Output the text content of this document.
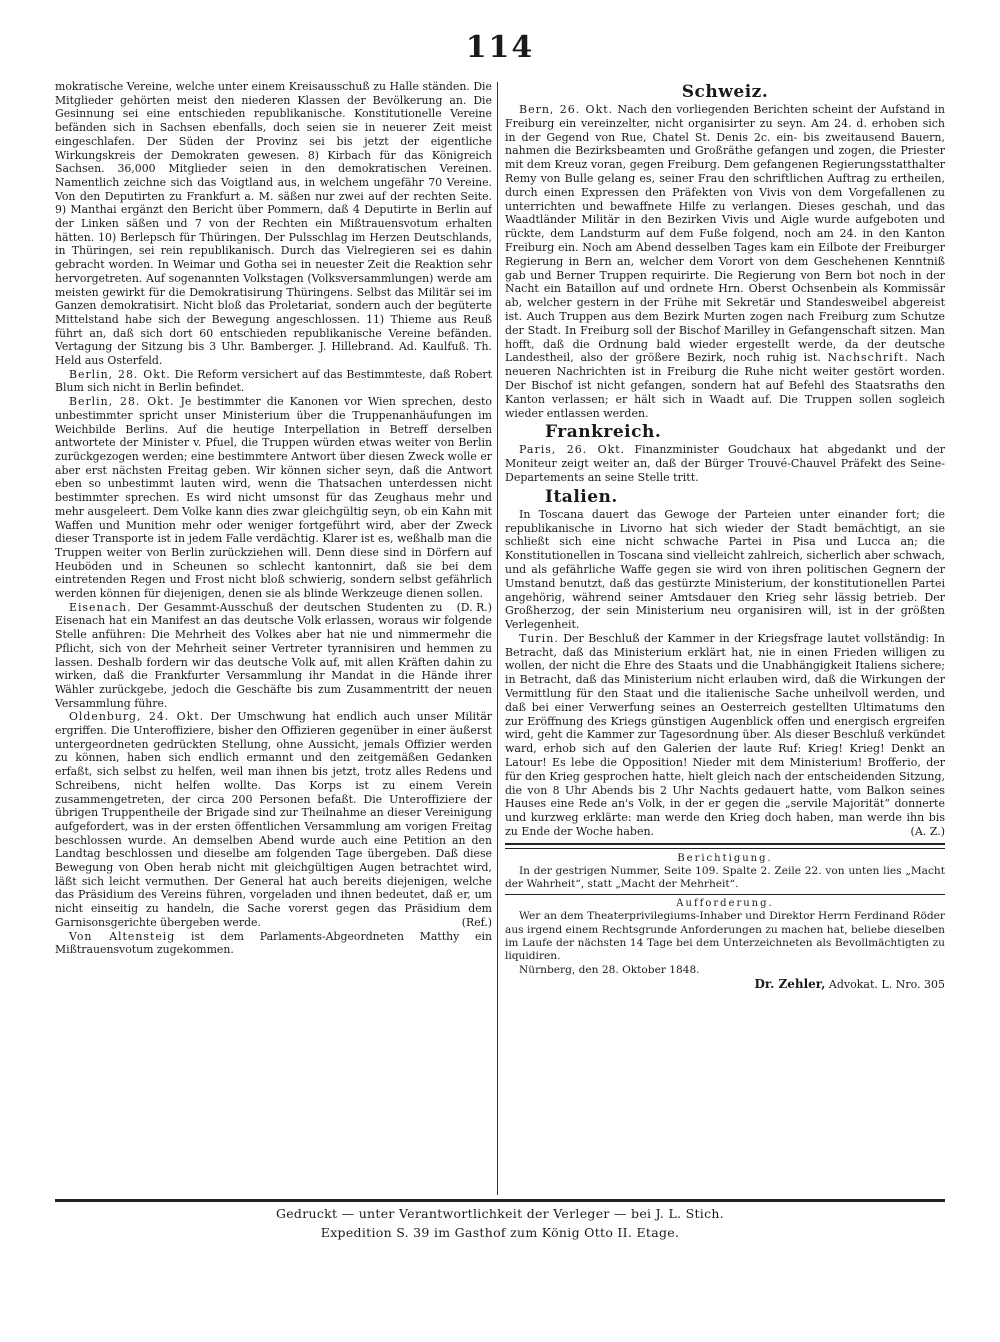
114

mokratische Vereine, welche unter einem Kreisausschuß zu Halle ständen. Die Mitglieder gehörten meist den niederen Klassen der Bevölkerung an. Die Gesinnung sei eine entschieden republikanische. Konstitutionelle Vereine befänden sich in Sachsen ebenfalls, doch seien sie in neuerer Zeit meist eingeschlafen. Der Süden der Provinz sei bis jetzt der eigentliche Wirkungskreis der Demokraten gewesen. 8) Kirbach für das Königreich Sachsen. 36,000 Mitglieder seien in den demokratischen Vereinen. Namentlich zeichne sich das Voigtland aus, in welchem ungefähr 70 Vereine. Von den Deputirten zu Frankfurt a. M. säßen nur zwei auf der rechten Seite. 9) Manthai ergänzt den Bericht über Pommern, daß 4 Deputirte in Berlin auf der Linken säßen und 7 von der Rechten ein Mißtrauensvotum erhalten hätten. 10) Berlepsch für Thüringen. Der Pulsschlag im Herzen Deutschlands, in Thüringen, sei rein republikanisch. Durch das Vielregieren sei es dahin gebracht worden. In Weimar und Gotha sei in neuester Zeit die Reaktion sehr hervorgetreten. Auf sogenannten Volkstagen (Volksversammlungen) werde am meisten gewirkt für die Demokratisirung Thüringens. Selbst das Militär sei im Ganzen demokratisirt. Nicht bloß das Proletariat, sondern auch der begüterte Mittelstand habe sich der Bewegung angeschlossen. 11) Thieme aus Reuß führt an, daß sich dort 60 entschieden republikanische Vereine befänden. Vertagung der Sitzung bis 3 Uhr. Bamberger. J. Hillebrand. Ad. Kaulfuß. Th. Held aus Osterfeld.

Berlin, 28. Okt. Die Reform versichert auf das Bestimmteste, daß Robert Blum sich nicht in Berlin befindet.

Berlin, 28. Okt. Je bestimmter die Kanonen vor Wien sprechen, desto unbestimmter spricht unser Ministerium über die Truppenanhäufungen im Weichbilde Berlins. Auf die heutige Interpellation in Betreff derselben antwortete der Minister v. Pfuel, die Truppen würden etwas weiter von Berlin zurückgezogen werden; eine bestimmtere Antwort über diesen Zweck wolle er aber erst nächsten Freitag geben. Wir können sicher seyn, daß die Antwort eben so unbestimmt lauten wird, wenn die Thatsachen unterdessen nicht bestimmter sprechen. Es wird nicht umsonst für das Zeughaus mehr und mehr ausgeleert. Dem Volke kann dies zwar gleichgültig seyn, ob ein Kahn mit Waffen und Munition mehr oder weniger fortgeführt wird, aber der Zweck dieser Transporte ist in jedem Falle verdächtig. Klarer ist es, weßhalb man die Truppen weiter von Berlin zurückziehen will. Denn diese sind in Dörfern auf Heuböden und in Scheunen so schlecht kantonnirt, daß sie bei dem eintretenden Regen und Frost nicht bloß schwierig, sondern selbst gefährlich werden können für diejenigen, denen sie als blinde Werkzeuge dienen sollen.
(D. R.)

Eisenach. Der Gesammt-Ausschuß der deutschen Studenten zu Eisenach hat ein Manifest an das deutsche Volk erlassen, woraus wir folgende Stelle anführen: Die Mehrheit des Volkes aber hat nie und nimmermehr die Pflicht, sich von der Mehrheit seiner Vertreter tyrannisiren und hemmen zu lassen. Deshalb fordern wir das deutsche Volk auf, mit allen Kräften dahin zu wirken, daß die Frankfurter Versammlung ihr Mandat in die Hände ihrer Wähler zurückgebe, jedoch die Geschäfte bis zum Zusammentritt der neuen Versammlung führe.

Oldenburg, 24. Okt. Der Umschwung hat endlich auch unser Militär ergriffen. Die Unteroffiziere, bisher den Offizieren gegenüber in einer äußerst untergeordneten gedrückten Stellung, ohne Aussicht, jemals Offizier werden zu können, haben sich endlich ermannt und den zeitgemäßen Gedanken erfaßt, sich selbst zu helfen, weil man ihnen bis jetzt, trotz alles Redens und Schreibens, nicht helfen wollte. Das Korps ist zu einem Verein zusammengetreten, der circa 200 Personen befaßt. Die Unteroffiziere der übrigen Truppentheile der Brigade sind zur Theilnahme an dieser Vereinigung aufgefordert, was in der ersten öffentlichen Versammlung am vorigen Freitag beschlossen wurde. An demselben Abend wurde auch eine Petition an den Landtag beschlossen und dieselbe am folgenden Tage übergeben. Daß diese Bewegung von Oben herab nicht mit gleichgültigen Augen betrachtet wird, läßt sich leicht vermuthen. Der General hat auch bereits diejenigen, welche das Präsidium des Vereins führen, vorgeladen und ihnen bedeutet, daß er, um nicht einseitig zu handeln, die Sache vorerst gegen das Präsidium dem Garnisonsgerichte übergeben werde.	(Ref.)

Von Altensteig ist dem Parlaments-Abgeordneten Matthy ein Mißtrauensvotum zugekommen.

Schweiz.

Bern, 26. Okt. Nach den vorliegenden Berichten scheint der Aufstand in Freiburg ein vereinzelter, nicht organisirter zu seyn. Am 24. d. erhoben sich in der Gegend von Rue, Chatel St. Denis 2c. ein- bis zweitausend Bauern, nahmen die Bezirksbeamten und Großräthe gefangen und zogen, die Priester mit dem Kreuz voran, gegen Freiburg. Dem gefangenen Regierungsstatthalter Remy von Bulle gelang es, seiner Frau den schriftlichen Auftrag zu ertheilen, durch einen Expressen den Präfekten von Vivis von dem Vorgefallenen zu unterrichten und bewaffnete Hilfe zu verlangen. Dieses geschah, und das Waadtländer Militär in den Bezirken Vivis und Aigle wurde aufgeboten und rückte, dem Landsturm auf dem Fuße folgend, noch am 24. in den Kanton Freiburg ein. Noch am Abend desselben Tages kam ein Eilbote der Freiburger Regierung in Bern an, welcher dem Vorort von dem Geschehenen Kenntniß gab und Berner Truppen requirirte. Die Regierung von Bern bot noch in der Nacht ein Bataillon auf und ordnete Hrn. Oberst Ochsenbein als Kommissär ab, welcher gestern in der Frühe mit Sekretär und Standesweibel abgereist ist. Auch Truppen aus dem Bezirk Murten zogen nach Freiburg zum Schutze der Stadt. In Freiburg soll der Bischof Marilley in Gefangenschaft sitzen. Man hofft, daß die Ordnung bald wieder ergestellt werde, da der deutsche Landestheil, also der größere Bezirk, noch ruhig ist. Nachschrift. Nach neueren Nachrichten ist in Freiburg die Ruhe nicht weiter gestört worden. Der Bischof ist nicht gefangen, sondern hat auf Befehl des Staatsraths den Kanton verlassen; er hält sich in Waadt auf. Die Truppen sollen sogleich wieder entlassen werden.

Frankreich.

Paris, 26. Okt. Finanzminister Goudchaux hat abgedankt und der Moniteur zeigt weiter an, daß der Bürger Trouvé-Chauvel Präfekt des Seine-Departements an seine Stelle tritt.

Italien.

In Toscana dauert das Gewoge der Parteien unter einander fort; die republikanische in Livorno hat sich wieder der Stadt bemächtigt, an sie schließt sich eine nicht schwache Partei in Pisa und Lucca an; die Konstitutionellen in Toscana sind vielleicht zahlreich, sicherlich aber schwach, und als gefährliche Waffe gegen sie wird von ihren politischen Gegnern der Umstand benutzt, daß das gestürzte Ministerium, der konstitutionellen Partei angehörig, während seiner Amtsdauer den Krieg sehr lässig betrieb. Der Großherzog, der sein Ministerium neu organisiren will, ist in der größten Verlegenheit.

Turin. Der Beschluß der Kammer in der Kriegsfrage lautet vollständig: In Betracht, daß das Ministerium erklärt hat, nie in einen Frieden willigen zu wollen, der nicht die Ehre des Staats und die Unabhängigkeit Italiens sichere; in Betracht, daß das Ministerium nicht erlauben wird, daß die Wirkungen der Vermittlung für den Staat und die italienische Sache unheilvoll werden, und daß bei einer Verwerfung seines an Oesterreich gestellten Ultimatums den zur Eröffnung des Kriegs günstigen Augenblick offen und energisch ergreifen wird, geht die Kammer zur Tagesordnung über. Als dieser Beschluß verkündet ward, erhob sich auf den Galerien der laute Ruf: Krieg! Krieg! Denkt an Latour! Es lebe die Opposition! Nieder mit dem Ministerium! Brofferio, der für den Krieg gesprochen hatte, hielt gleich nach der entscheidenden Sitzung, die von 8 Uhr Abends bis 2 Uhr Nachts gedauert hatte, vom Balkon seines Hauses eine Rede an's Volk, in der er gegen die „servile Majorität“ donnerte und kurzweg erklärte: man werde den Krieg doch haben, man werde ihn bis zu Ende der Woche haben.	(A. Z.)

Berichtigung.

In der gestrigen Nummer, Seite 109. Spalte 2. Zeile 22. von unten lies „Macht der Wahrheit“, statt „Macht der Mehrheit“.

Aufforderung.

Wer an dem Theaterprivilegiums-Inhaber und Direktor Herrn Ferdinand Röder aus irgend einem Rechtsgrunde Anforderungen zu machen hat, beliebe dieselben im Laufe der nächsten 14 Tage bei dem Unterzeichneten als Bevollmächtigten zu liquidiren.

Nürnberg, den 28. Oktober 1848.

Dr. Zehler, Advokat. L. Nro. 305
Gedruckt — unter Verantwortlichkeit der Verleger — bei J. L. Stich.
Expedition S. 39 im Gasthof zum König Otto II. Etage.
